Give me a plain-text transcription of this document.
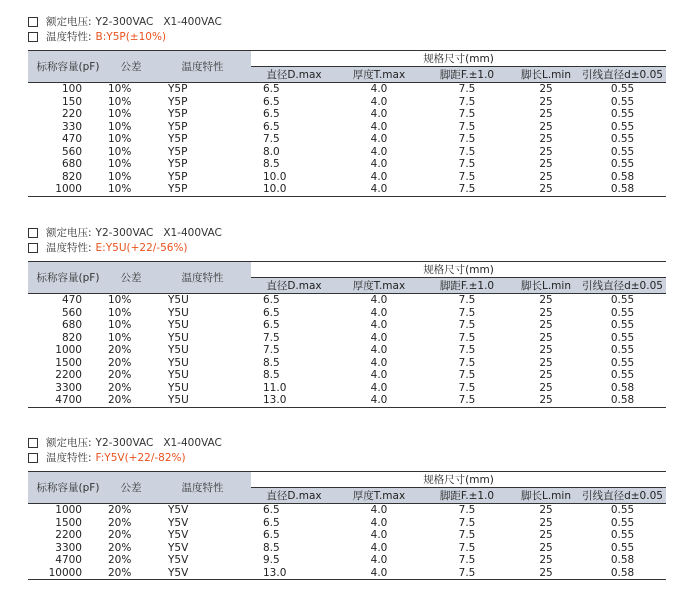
额定电压: Y2-300VAC X1-400VAC
温度特性: B:Y5P(±10%)
标称容量(pF)	公差	温度特性	规格尺寸(mm)				
			直径D.max	厚度T.max	脚距F.±1.0	脚长L.min	引线直径d±0.05
100	10%	Y5P	6.5	4.0	7.5	25	0.55
150	10%	Y5P	6.5	4.0	7.5	25	0.55
220	10%	Y5P	6.5	4.0	7.5	25	0.55
330	10%	Y5P	6.5	4.0	7.5	25	0.55
470	10%	Y5P	7.5	4.0	7.5	25	0.55
560	10%	Y5P	8.0	4.0	7.5	25	0.55
680	10%	Y5P	8.5	4.0	7.5	25	0.55
820	10%	Y5P	10.0	4.0	7.5	25	0.58
1000	10%	Y5P	10.0	4.0	7.5	25	0.58
额定电压: Y2-300VAC X1-400VAC
温度特性: E:Y5U(+22/-56%)
标称容量(pF)	公差	温度特性	规格尺寸(mm)				
			直径D.max	厚度T.max	脚距F.±1.0	脚长L.min	引线直径d±0.05
470	10%	Y5U	6.5	4.0	7.5	25	0.55
560	10%	Y5U	6.5	4.0	7.5	25	0.55
680	10%	Y5U	6.5	4.0	7.5	25	0.55
820	10%	Y5U	7.5	4.0	7.5	25	0.55
1000	20%	Y5U	7.5	4.0	7.5	25	0.55
1500	20%	Y5U	8.5	4.0	7.5	25	0.55
2200	20%	Y5U	8.5	4.0	7.5	25	0.55
3300	20%	Y5U	11.0	4.0	7.5	25	0.58
4700	20%	Y5U	13.0	4.0	7.5	25	0.58
额定电压: Y2-300VAC X1-400VAC
温度特性: F:Y5V(+22/-82%)
标称容量(pF)	公差	温度特性	规格尺寸(mm)				
			直径D.max	厚度T.max	脚距F.±1.0	脚长L.min	引线直径d±0.05
1000	20%	Y5V	6.5	4.0	7.5	25	0.55
1500	20%	Y5V	6.5	4.0	7.5	25	0.55
2200	20%	Y5V	6.5	4.0	7.5	25	0.55
3300	20%	Y5V	8.5	4.0	7.5	25	0.55
4700	20%	Y5V	9.5	4.0	7.5	25	0.58
10000	20%	Y5V	13.0	4.0	7.5	25	0.58
